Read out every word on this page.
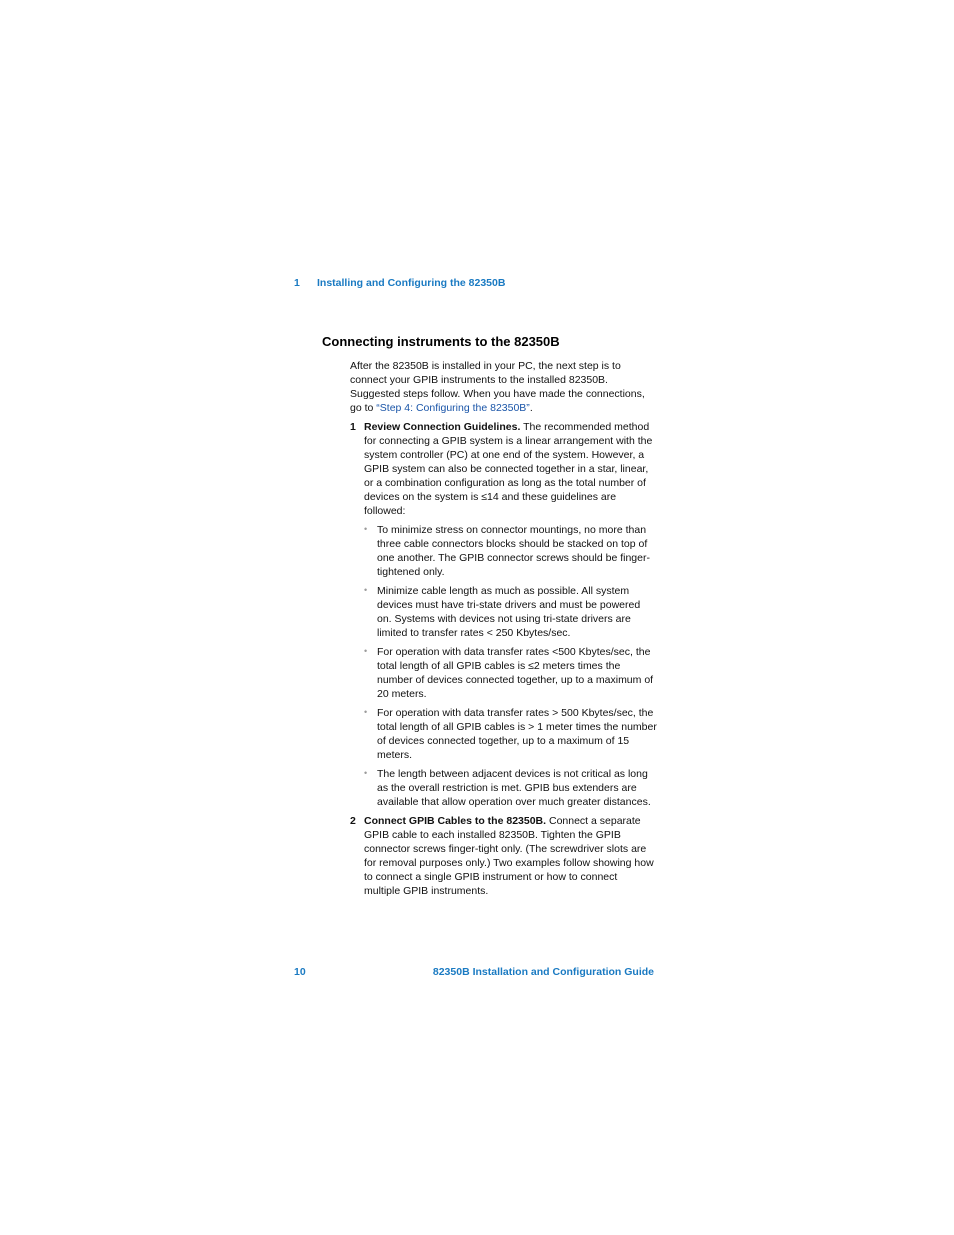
1 Installing and Configuring the 82350B
Connecting instruments to the 82350B

After the 82350B is installed in your PC, the next step is to connect your GPIB instruments to the installed 82350B. Suggested steps follow. When you have made the connections, go to “Step 4: Configuring the 82350B”.

1 Review Connection Guidelines. The recommended method for connecting a GPIB system is a linear arrangement with the system controller (PC) at one end of the system. However, a GPIB system can also be connected together in a star, linear, or a combination configuration as long as the total number of devices on the system is ≤14 and these guidelines are followed:
• To minimize stress on connector mountings, no more than three cable connectors blocks should be stacked on top of one another. The GPIB connector screws should be finger-tightened only.
• Minimize cable length as much as possible. All system devices must have tri-state drivers and must be powered on. Systems with devices not using tri-state drivers are limited to transfer rates < 250 Kbytes/sec.
• For operation with data transfer rates <500 Kbytes/sec, the total length of all GPIB cables is ≤2 meters times the number of devices connected together, up to a maximum of 20 meters.
• For operation with data transfer rates > 500 Kbytes/sec, the total length of all GPIB cables is > 1 meter times the number of devices connected together, up to a maximum of 15 meters.
• The length between adjacent devices is not critical as long as the overall restriction is met. GPIB bus extenders are available that allow operation over much greater distances.
2 Connect GPIB Cables to the 82350B. Connect a separate GPIB cable to each installed 82350B. Tighten the GPIB connector screws finger-tight only. (The screwdriver slots are for removal purposes only.) Two examples follow showing how to connect a single GPIB instrument or how to connect multiple GPIB instruments.
10	82350B Installation and Configuration Guide
